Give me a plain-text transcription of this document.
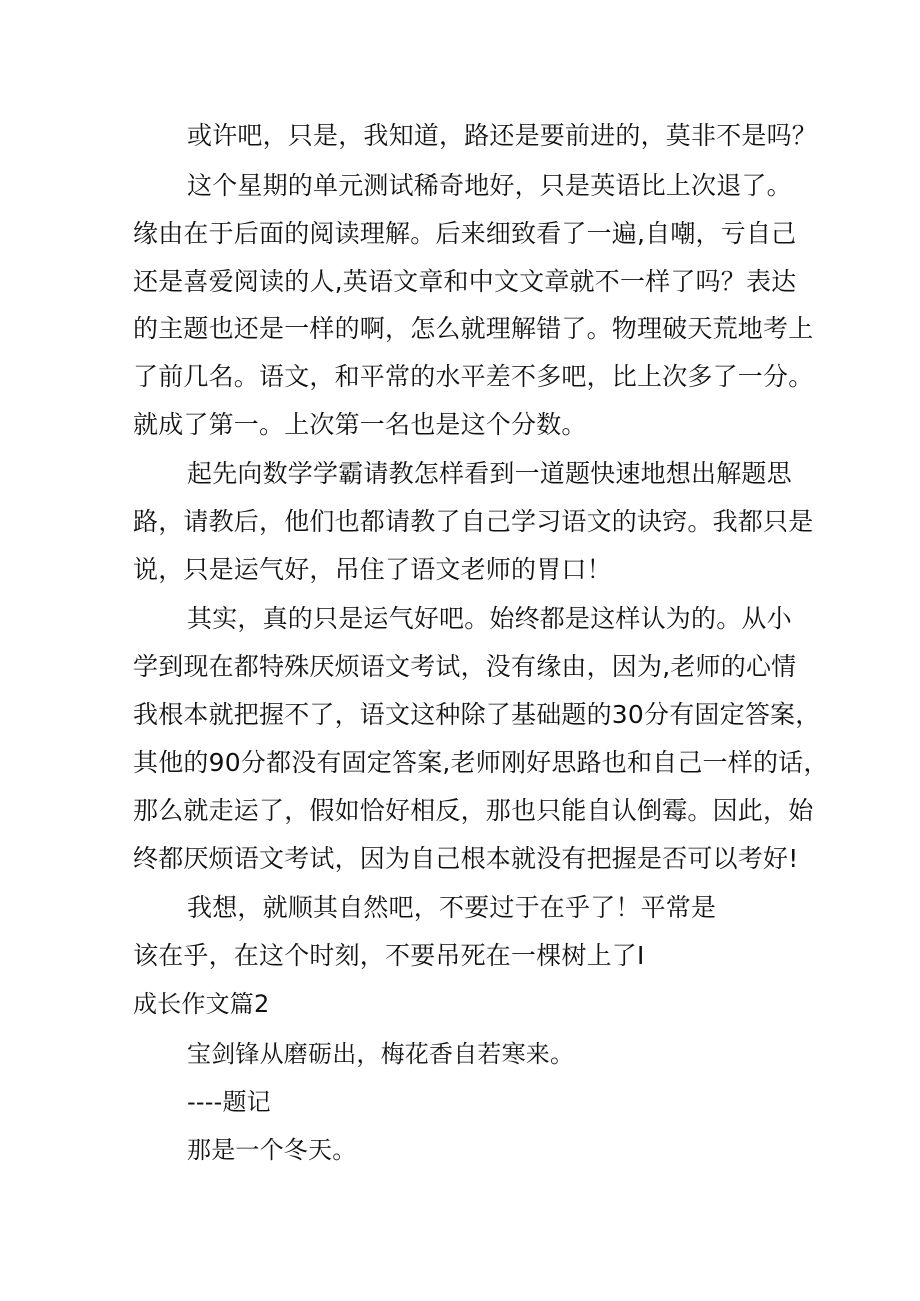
或许吧，只是，我知道，路还是要前进的，莫非不是吗？
这个星期的单元测试稀奇地好，只是英语比上次退了。
缘由在于后面的阅读理解。后来细致看了一遍,自嘲，亏自己
还是喜爱阅读的人,英语文章和中文文章就不一样了吗？表达
的主题也还是一样的啊，怎么就理解错了。物理破天荒地考上
了前几名。语文，和平常的水平差不多吧，比上次多了一分。
就成了第一。上次第一名也是这个分数。
起先向数学学霸请教怎样看到一道题快速地想出解题思
路，请教后，他们也都请教了自己学习语文的诀窍。我都只是
说，只是运气好，吊住了语文老师的胃口！
其实，真的只是运气好吧。始终都是这样认为的。从小
学到现在都特殊厌烦语文考试，没有缘由，因为,老师的心情
我根本就把握不了，语文这种除了基础题的30分有固定答案，
其他的90分都没有固定答案,老师刚好思路也和自己一样的话，
那么就走运了，假如恰好相反，那也只能自认倒霉。因此，始
终都厌烦语文考试，因为自己根本就没有把握是否可以考好!
我想，就顺其自然吧，不要过于在乎了！平常是
该在乎，在这个时刻，不要吊死在一棵树上了I
成长作文篇2
宝剑锋从磨砺出，梅花香自若寒来。
----题记
那是一个冬天。
